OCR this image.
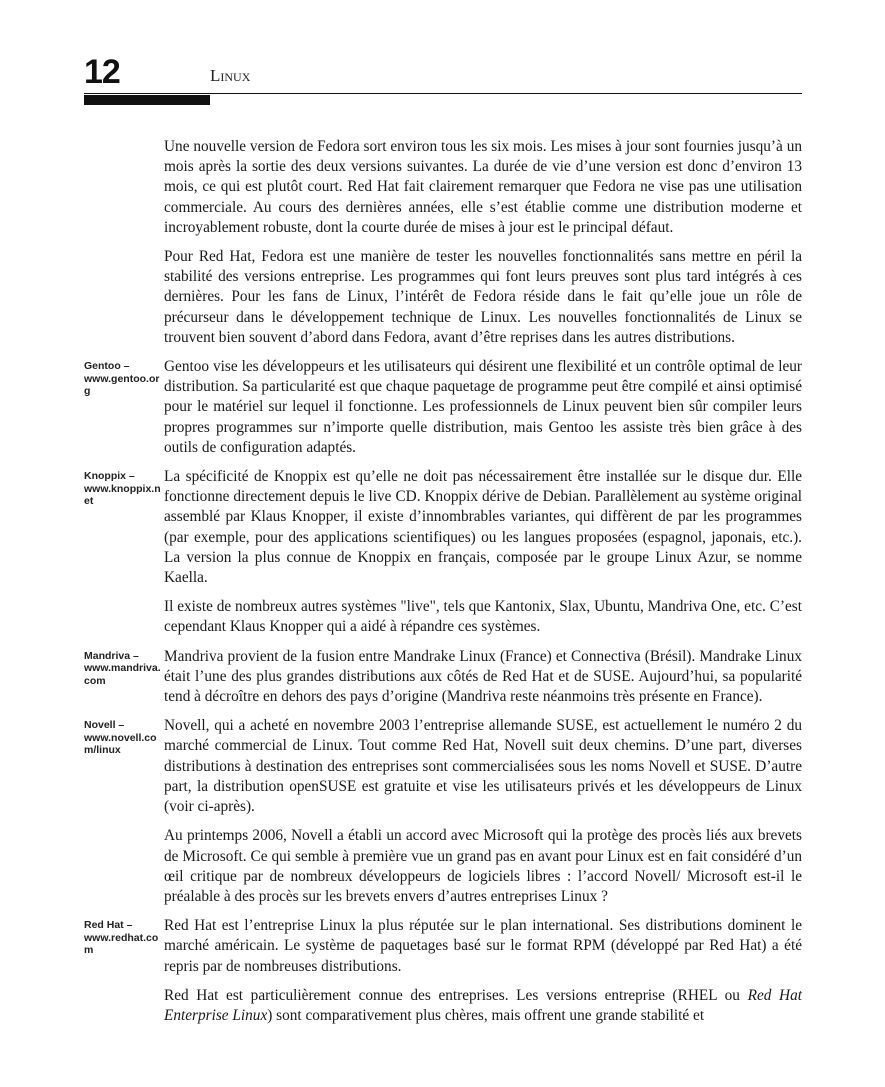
12	Linux

Une nouvelle version de Fedora sort environ tous les six mois. Les mises à jour sont fournies jusqu’à un mois après la sortie des deux versions suivantes. La durée de vie d’une version est donc d’environ 13 mois, ce qui est plutôt court. Red Hat fait clairement remarquer que Fedora ne vise pas une utilisation commerciale. Au cours des dernières années, elle s’est établie comme une distribution moderne et incroyablement robuste, dont la courte durée de mises à jour est le principal défaut.

Pour Red Hat, Fedora est une manière de tester les nouvelles fonctionnalités sans mettre en péril la stabilité des versions entreprise. Les programmes qui font leurs preuves sont plus tard intégrés à ces dernières. Pour les fans de Linux, l’intérêt de Fedora réside dans le fait qu’elle joue un rôle de précurseur dans le développement technique de Linux. Les nouvelles fonctionnalités de Linux se trouvent bien souvent d’abord dans Fedora, avant d’être reprises dans les autres distributions.

Gentoo –
www.gentoo.org

Gentoo vise les développeurs et les utilisateurs qui désirent une flexibilité et un contrôle optimal de leur distribution. Sa particularité est que chaque paquetage de programme peut être compilé et ainsi optimisé pour le matériel sur lequel il fonctionne. Les professionnels de Linux peuvent bien sûr compiler leurs propres programmes sur n’importe quelle distribution, mais Gentoo les assiste très bien grâce à des outils de configuration adaptés.

Knoppix –
www.knoppix.net

La spécificité de Knoppix est qu’elle ne doit pas nécessairement être installée sur le disque dur. Elle fonctionne directement depuis le live CD. Knoppix dérive de Debian. Parallèlement au système original assemblé par Klaus Knopper, il existe d’innombrables variantes, qui diffèrent de par les programmes (par exemple, pour des applications scientifiques) ou les langues proposées (espagnol, japonais, etc.). La version la plus connue de Knoppix en français, composée par le groupe Linux Azur, se nomme Kaella.

Il existe de nombreux autres systèmes "live", tels que Kantonix, Slax, Ubuntu, Mandriva One, etc. C’est cependant Klaus Knopper qui a aidé à répandre ces systèmes.

Mandriva –
www.mandriva.com

Mandriva provient de la fusion entre Mandrake Linux (France) et Connectiva (Brésil). Mandrake Linux était l’une des plus grandes distributions aux côtés de Red Hat et de SUSE. Aujourd’hui, sa popularité tend à décroître en dehors des pays d’origine (Mandriva reste néanmoins très présente en France).

Novell –
www.novell.com/linux

Novell, qui a acheté en novembre 2003 l’entreprise allemande SUSE, est actuellement le numéro 2 du marché commercial de Linux. Tout comme Red Hat, Novell suit deux chemins. D’une part, diverses distributions à destination des entreprises sont commercialisées sous les noms Novell et SUSE. D’autre part, la distribution openSUSE est gratuite et vise les utilisateurs privés et les développeurs de Linux (voir ci-après).

Au printemps 2006, Novell a établi un accord avec Microsoft qui la protège des procès liés aux brevets de Microsoft. Ce qui semble à première vue un grand pas en avant pour Linux est en fait considéré d’un œil critique par de nombreux développeurs de logiciels libres : l’accord Novell/ Microsoft est-il le préalable à des procès sur les brevets envers d’autres entreprises Linux ?

Red Hat –
www.redhat.com

Red Hat est l’entreprise Linux la plus réputée sur le plan international. Ses distributions dominent le marché américain. Le système de paquetages basé sur le format RPM (développé par Red Hat) a été repris par de nombreuses distributions.

Red Hat est particulièrement connue des entreprises. Les versions entreprise (RHEL ou Red Hat Enterprise Linux) sont comparativement plus chères, mais offrent une grande stabilité et
